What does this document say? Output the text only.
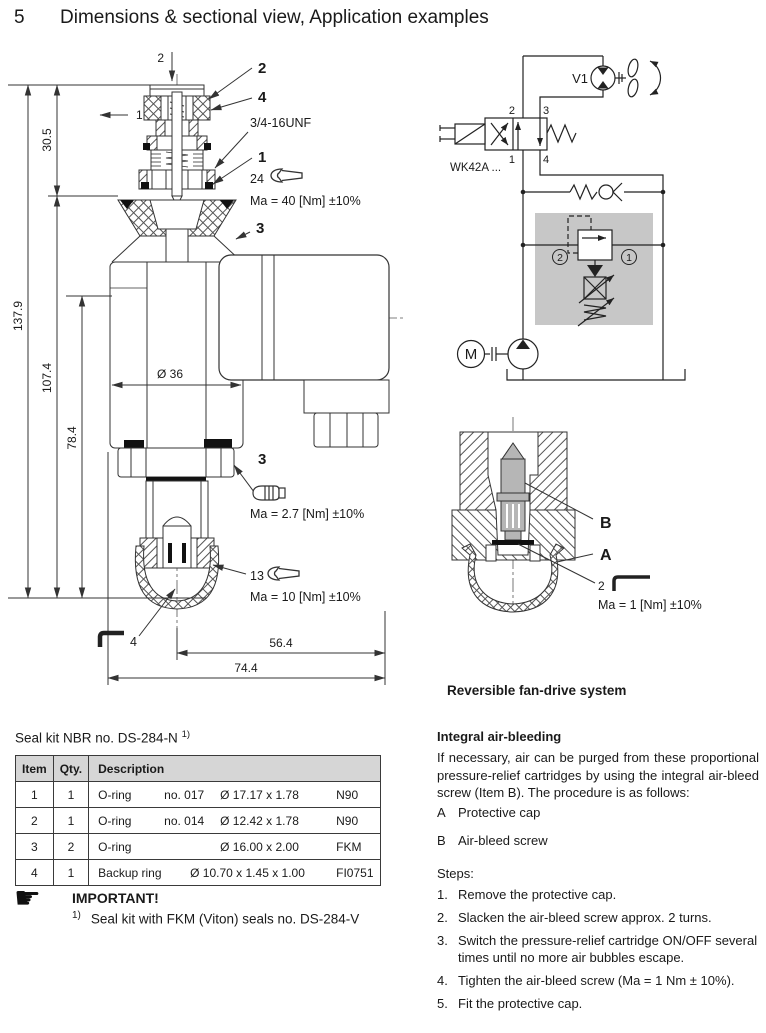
5	Dimensions & sectional view, Application examples
137.9
30.5
107.4
78.4
Ø 36
56.4
74.4
2
1
2
4
3/4-16UNF
1
24
Ma = 40 [Nm] ±10%
3
3
Ma = 2.7 [Nm] ±10%
13
Ma = 10 [Nm] ±10%
4
V1
2	3
1	4
WK42A ...
2	1
M
B
A
2
Ma = 1 [Nm] ±10%
Reversible fan-drive system
Seal kit NBR no. DS-284-N $^{1)}$
Item	Qty.	Description
1	1	O-ring no. 017 Ø 17.17 x 1.78 N90

2	1	O-ring no. 014 Ø 12.42 x 1.78 N90

3	2	O-ring Ø 16.00 x 2.00 FKM

4	1	Backup ring Ø 10.70 x 1.45 x 1.00 FI0751
☛ IMPORTANT!
$^{1)}$ Seal kit with FKM (Viton) seals no. DS-284-V
Integral air-bleeding
If necessary, air can be purged from these proportional pressure-relief cartridges by using the integral air-bleed screw (Item B). The procedure is as follows:
A Protective cap
B Air-bleed screw
Steps:
1. Remove the protective cap.
2. Slacken the air-bleed screw approx. 2 turns.
3. Switch the pressure-relief cartridge ON/OFF several times until no more air bubbles escape.
4. Tighten the air-bleed screw (Ma = 1 Nm ± 10%).
5. Fit the protective cap.
